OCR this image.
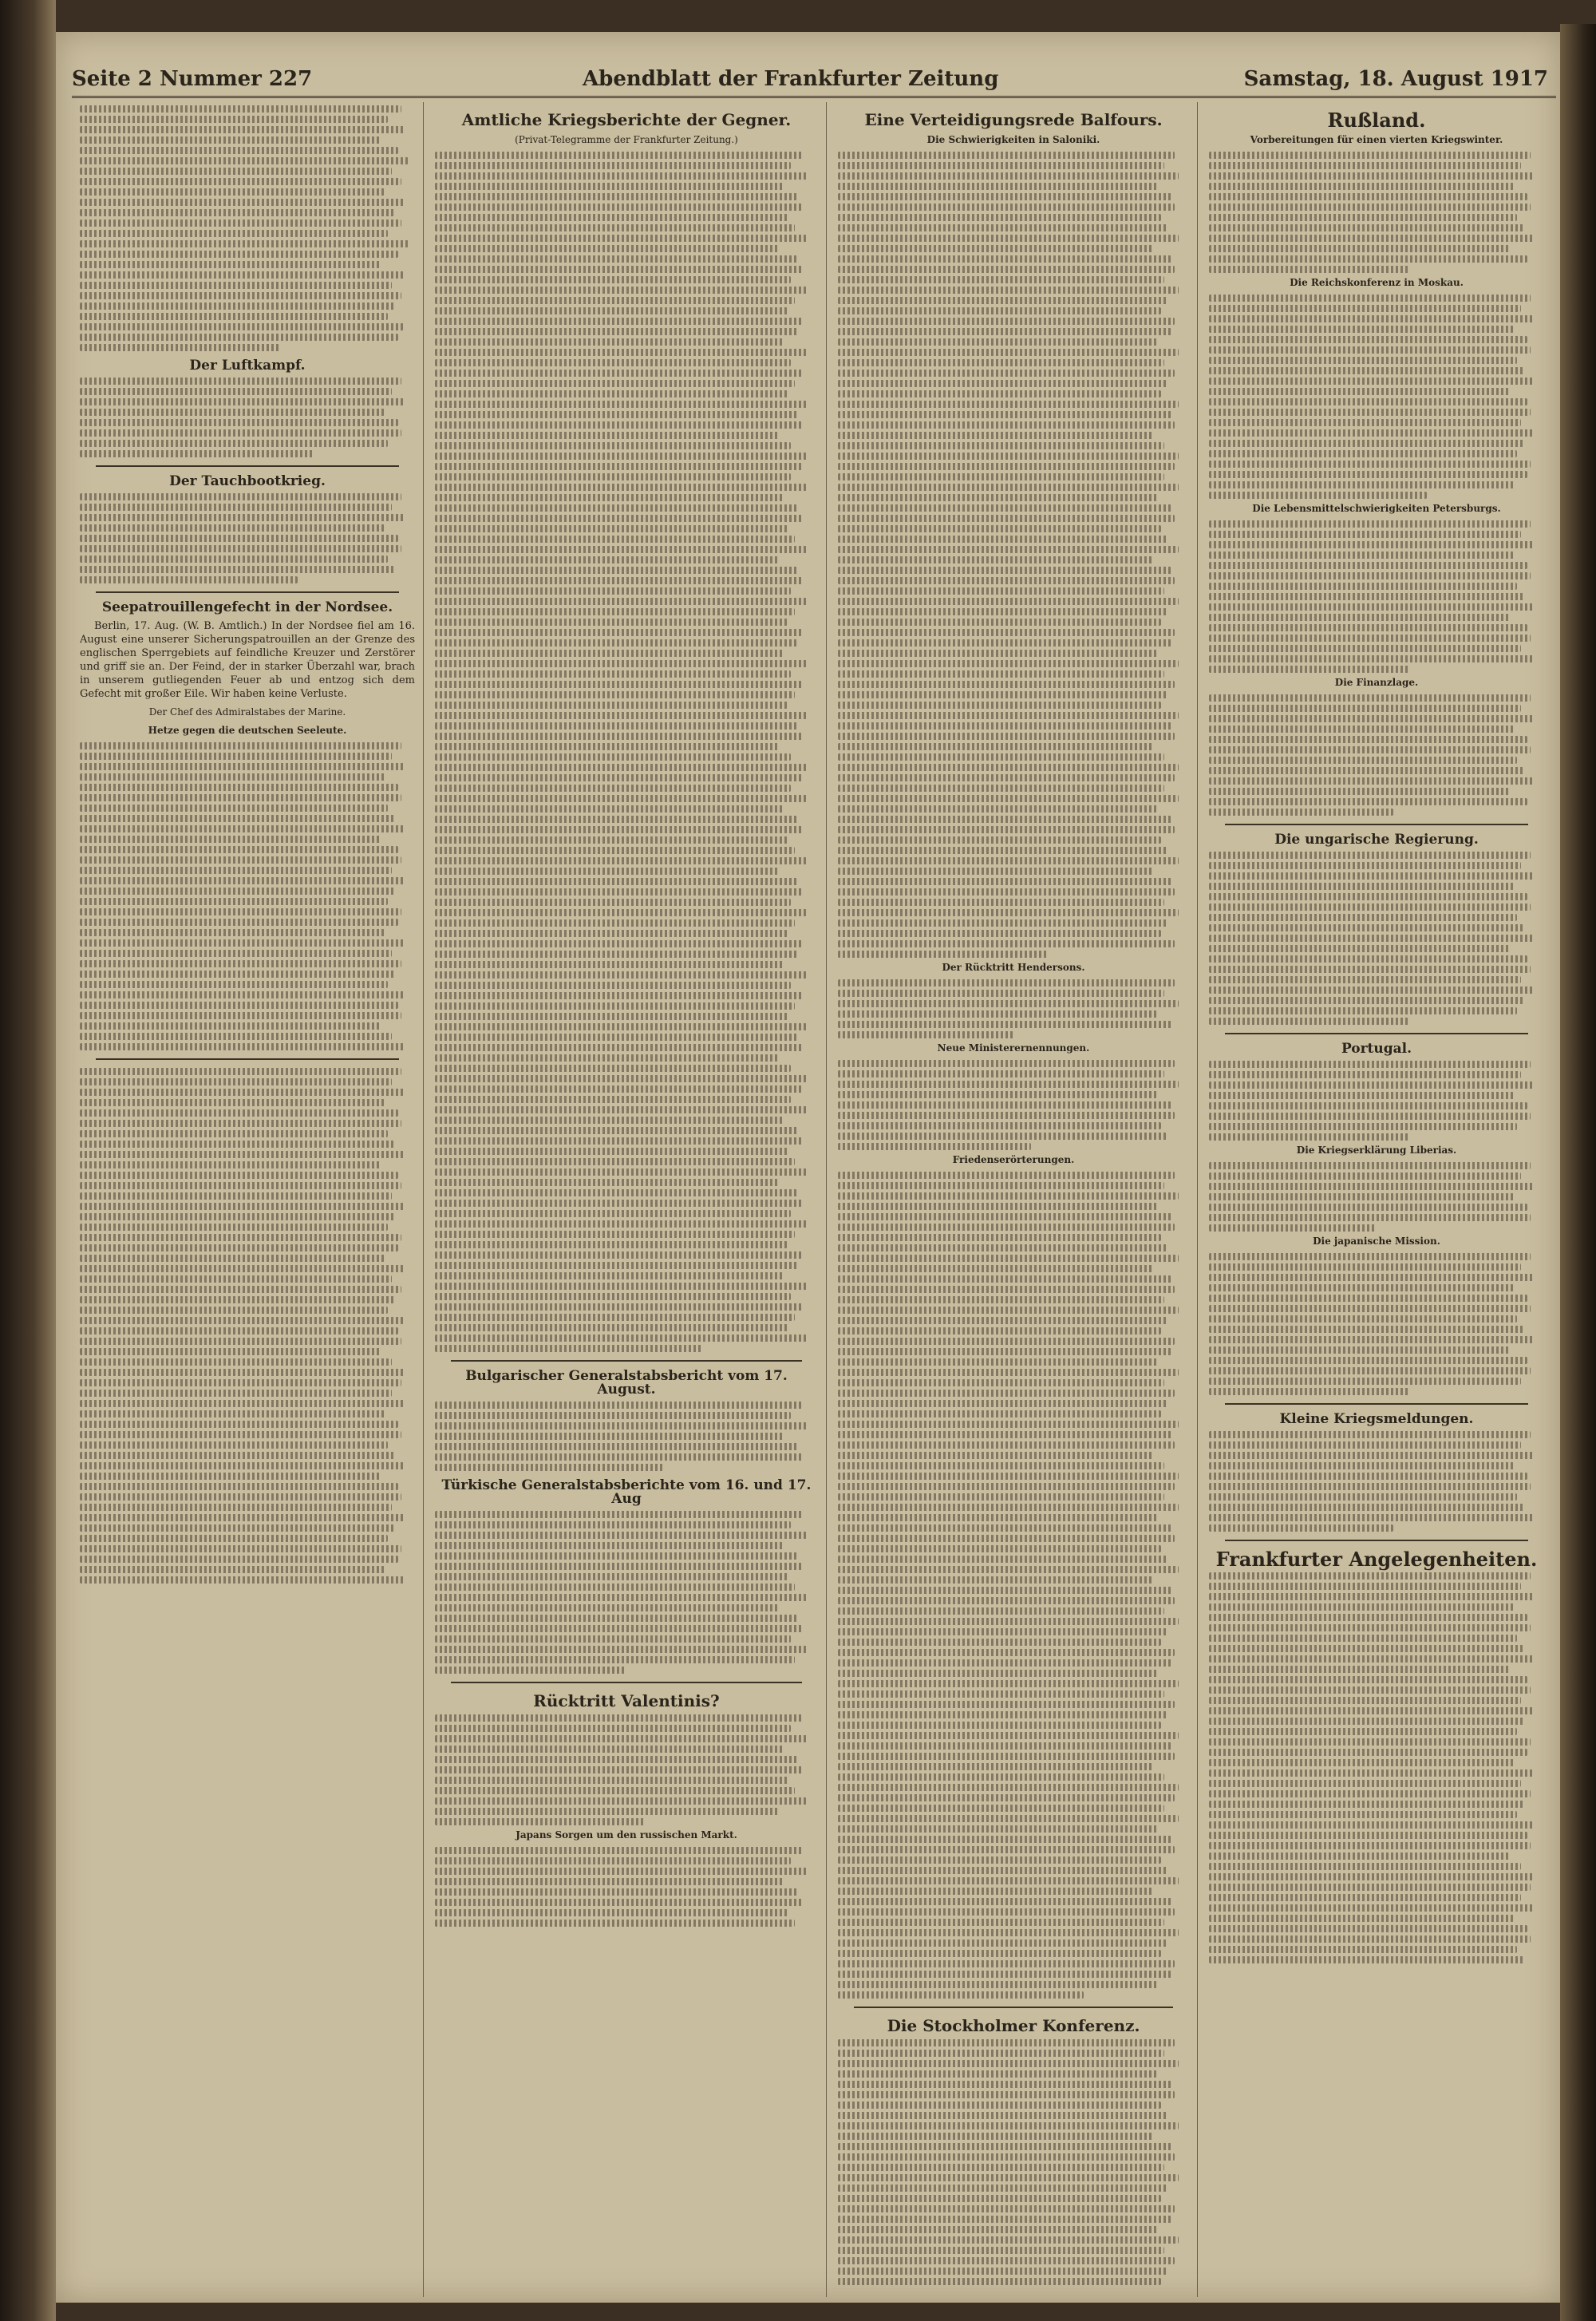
Seite 2 Nummer 227	Abendblatt der Frankfurter Zeitung	Samstag, 18. August 1917
Der Luftkampf.
Der Tauchbootkrieg.
Seepatrouillengefecht in der Nordsee.

Berlin, 17. Aug. (W. B. Amtlich.) In der Nordsee fiel am 16. August eine unserer Sicherungspatrouillen an der Grenze des englischen Sperrgebiets auf feindliche Kreuzer und Zerstörer und griff sie an. Der Feind, der in starker Überzahl war, brach in unserem gutliegenden Feuer ab und entzog sich dem Gefecht mit großer Eile. Wir haben keine Verluste.

Der Chef des Admiralstabes der Marine.
Hetze gegen die deutschen Seeleute.
Amtliche Kriegsberichte der Gegner.
(Privat-Telegramme der Frankfurter Zeitung.)
Bulgarischer Generalstabsbericht vom 17. August.
Türkische Generalstabsberichte vom 16. und 17. Aug
Rücktritt Valentinis?
Japans Sorgen um den russischen Markt.
Eine Verteidigungsrede Balfours.
Die Schwierigkeiten in Saloniki.
Der Rücktritt Hendersons.
Neue Ministerernennungen.
Friedenserörterungen.
Die Stockholmer Konferenz.
Rußland.
Vorbereitungen für einen vierten Kriegswinter.
Die Reichskonferenz in Moskau.
Die Lebensmittelschwierigkeiten Petersburgs.
Die Finanzlage.
Die ungarische Regierung.
Portugal.
Die Kriegserklärung Liberias.
Die japanische Mission.
Kleine Kriegsmeldungen.
Frankfurter Angelegenheiten.
